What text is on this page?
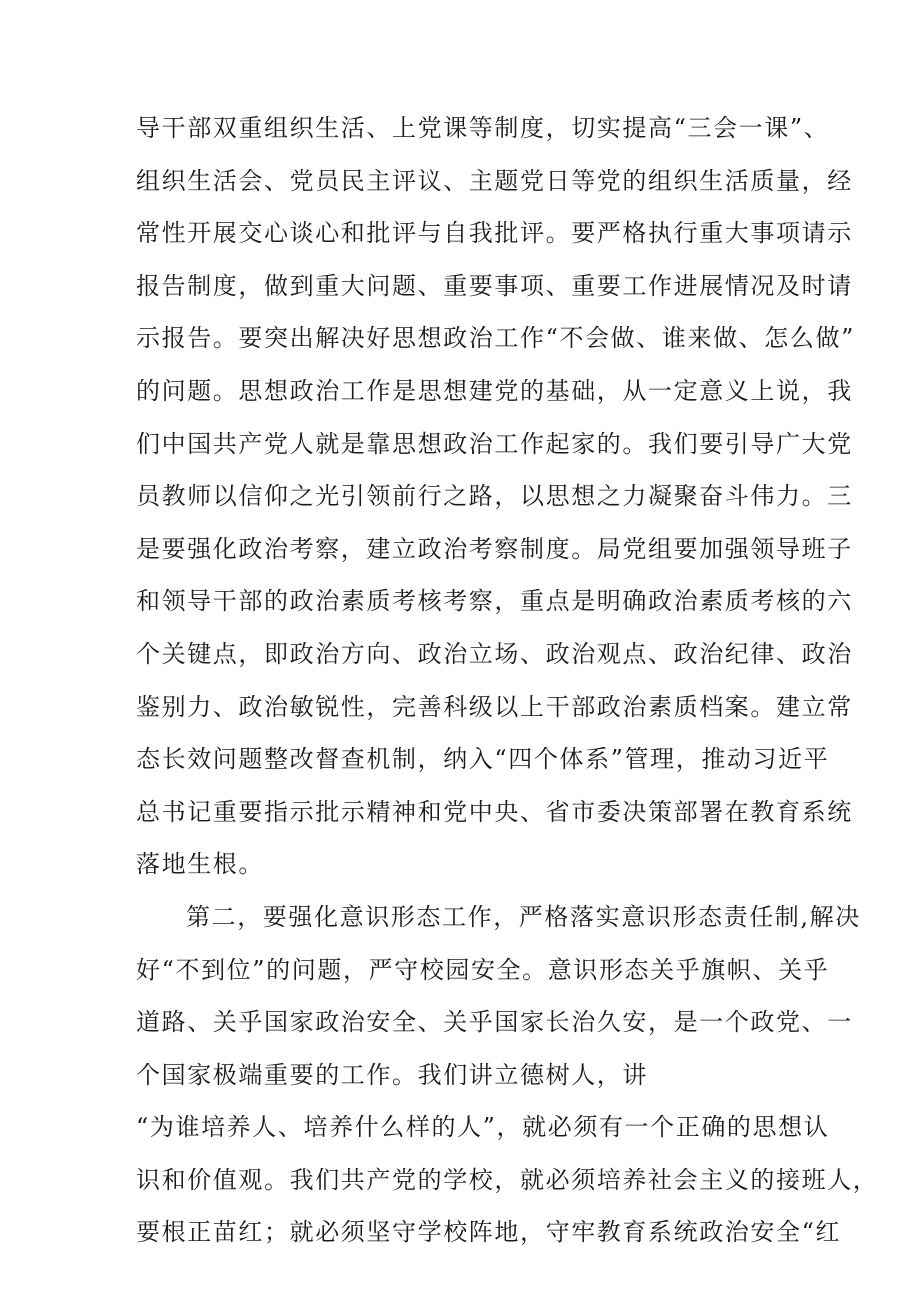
导干部双重组织生活、上党课等制度，切实提高“三会一课”、
组织生活会、党员民主评议、主题党日等党的组织生活质量，经
常性开展交心谈心和批评与自我批评。要严格执行重大事项请示
报告制度，做到重大问题、重要事项、重要工作进展情况及时请
示报告。要突出解决好思想政治工作“不会做、谁来做、怎么做”
的问题。思想政治工作是思想建党的基础，从一定意义上说，我
们中国共产党人就是靠思想政治工作起家的。我们要引导广大党
员教师以信仰之光引领前行之路，以思想之力凝聚奋斗伟力。三
是要强化政治考察，建立政治考察制度。局党组要加强领导班子
和领导干部的政治素质考核考察，重点是明确政治素质考核的六
个关键点，即政治方向、政治立场、政治观点、政治纪律、政治
鉴别力、政治敏锐性，完善科级以上干部政治素质档案。建立常
态长效问题整改督查机制，纳入“四个体系”管理，推动习近平
总书记重要指示批示精神和党中央、省市委决策部署在教育系统
落地生根。
第二，要强化意识形态工作，严格落实意识形态责任制,解决
好“不到位”的问题，严守校园安全。意识形态关乎旗帜、关乎
道路、关乎国家政治安全、关乎国家长治久安，是一个政党、一
个国家极端重要的工作。我们讲立德树人，讲
“为谁培养人、培养什么样的人”，就必须有一个正确的思想认
识和价值观。我们共产党的学校，就必须培养社会主义的接班人，
要根正苗红；就必须坚守学校阵地，守牢教育系统政治安全“红
